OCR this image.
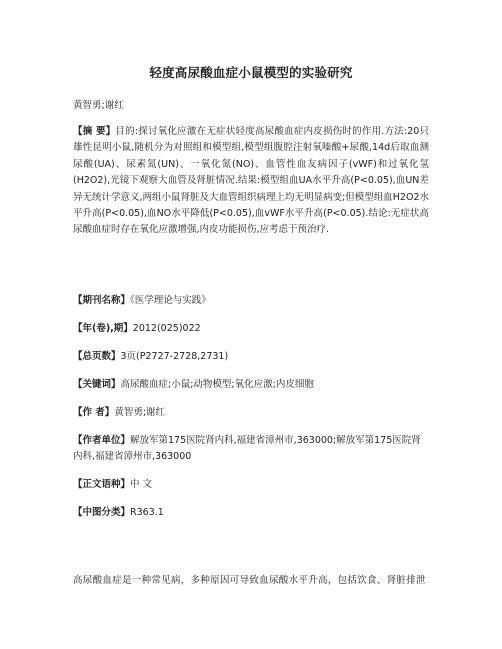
轻度高尿酸血症小鼠模型的实验研究
黄智勇;谢红
【摘 要】目的:探讨氧化应激在无症状轻度高尿酸血症内皮损伤时的作用.方法:20只雄性昆明小鼠,随机分为对照组和模型组,模型组腹腔注射氧嗪酸+尿酸,14d后取血测尿酸(UA)、尿素氮(UN)、一氧化氮(NO)、血管性血友病因子(vWF)和过氧化氢(H2O2),光镜下观察大血管及肾脏情况.结果:模型组血UA水平升高(P<0.05),血UN差异无统计学意义,两组小鼠肾脏及大血管组织病理上均无明显病变;但模型组血H2O2水平升高(P<0.05),血NO水平降低(P<0.05),血vWF水平升高(P<0.05).结论:无症状高尿酸血症时存在氧化应激增强,内皮功能损伤,应考虑干预治疗.
【期刊名称】《医学理论与实践》
【年(卷),期】2012(025)022
【总页数】3页(P2727-2728,2731)
【关键词】高尿酸血症;小鼠;动物模型;氧化应激;内皮细胞
【作 者】黄智勇;谢红
【作者单位】解放军第175医院肾内科,福建省漳州市,363000;解放军第175医院肾内科,福建省漳州市,363000
【正文语种】中 文
【中图分类】R363.1
高尿酸血症是一种常见病，多种原因可导致血尿酸水平升高，包括饮食、肾脏排泄
